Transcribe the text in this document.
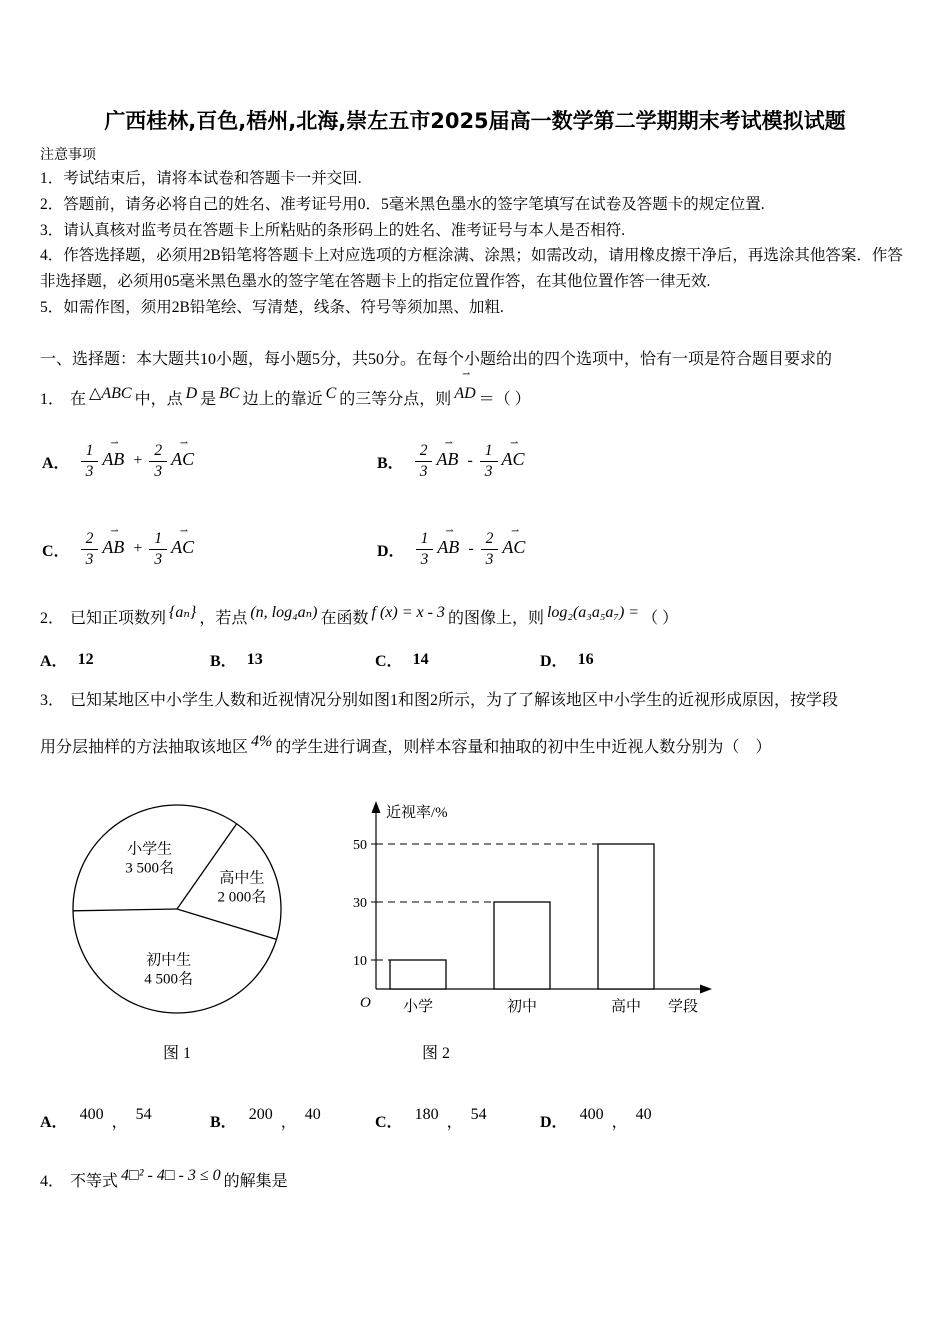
广西桂林,百色,梧州,北海,崇左五市2025届高一数学第二学期期末考试模拟试题

注意事项

1．考试结束后，请将本试卷和答题卡一并交回.

2．答题前，请务必将自己的姓名、准考证号用0．5毫米黑色墨水的签字笔填写在试卷及答题卡的规定位置.

3．请认真核对监考员在答题卡上所粘贴的条形码上的姓名、准考证号与本人是否相符.

4．作答选择题，必须用2B铅笔将答题卡上对应选项的方框涂满、涂黑；如需改动，请用橡皮擦干净后，再选涂其他答案．作答非选择题，必须用05毫米黑色墨水的签字笔在答题卡上的指定位置作答，在其他位置作答一律无效.

5．如需作图，须用2B铅笔绘、写清楚，线条、符号等须加黑、加粗.

一、选择题：本大题共10小题，每小题5分，共50分。在每个小题给出的四个选项中，恰有一项是符合题目要求的

1． 在 △ABC 中，点 D 是 BC 边上的靠近 C 的三等分点，则
⇀
AD ＝（ ）

A． $\frac{1}{3}$ ⇀
AB + $\frac{2}{3}$ ⇀
AC	B． $\frac{2}{3}$ ⇀
AB - $\frac{1}{3}$ ⇀
AC
C． $\frac{2}{3}$ ⇀
AB + $\frac{1}{3}$ ⇀
AC	D． $\frac{1}{3}$ ⇀
AB - $\frac{2}{3}$ ⇀
AC

2． 已知正项数列 {aₙ} ，若点 (n, log₄aₙ) 在函数 f (x) = x - 3 的图像上，则 log₂(a₃a₅a₇) = （ ）

A． 12	B． 13	C． 14	D． 16

3． 已知某地区中小学生人数和近视情况分别如图1和图2所示，为了了解该地区中小学生的近视形成原因，按学段

用分层抽样的方法抽取该地区 4% 的学生进行调查，则样本容量和抽取的初中生中近视人数分别为（　）

小学生
3 500名
高中生
2 000名
初中生
4 500名

图 1

近视率/%
学段
O
10
30
50
小学	初中	高中

图 2

A． 400 ， 54	B． 200 ， 40	C． 180 ， 54	D． 400 ， 40

4． 不等式 4□² - 4□ - 3 ≤ 0 的解集是
